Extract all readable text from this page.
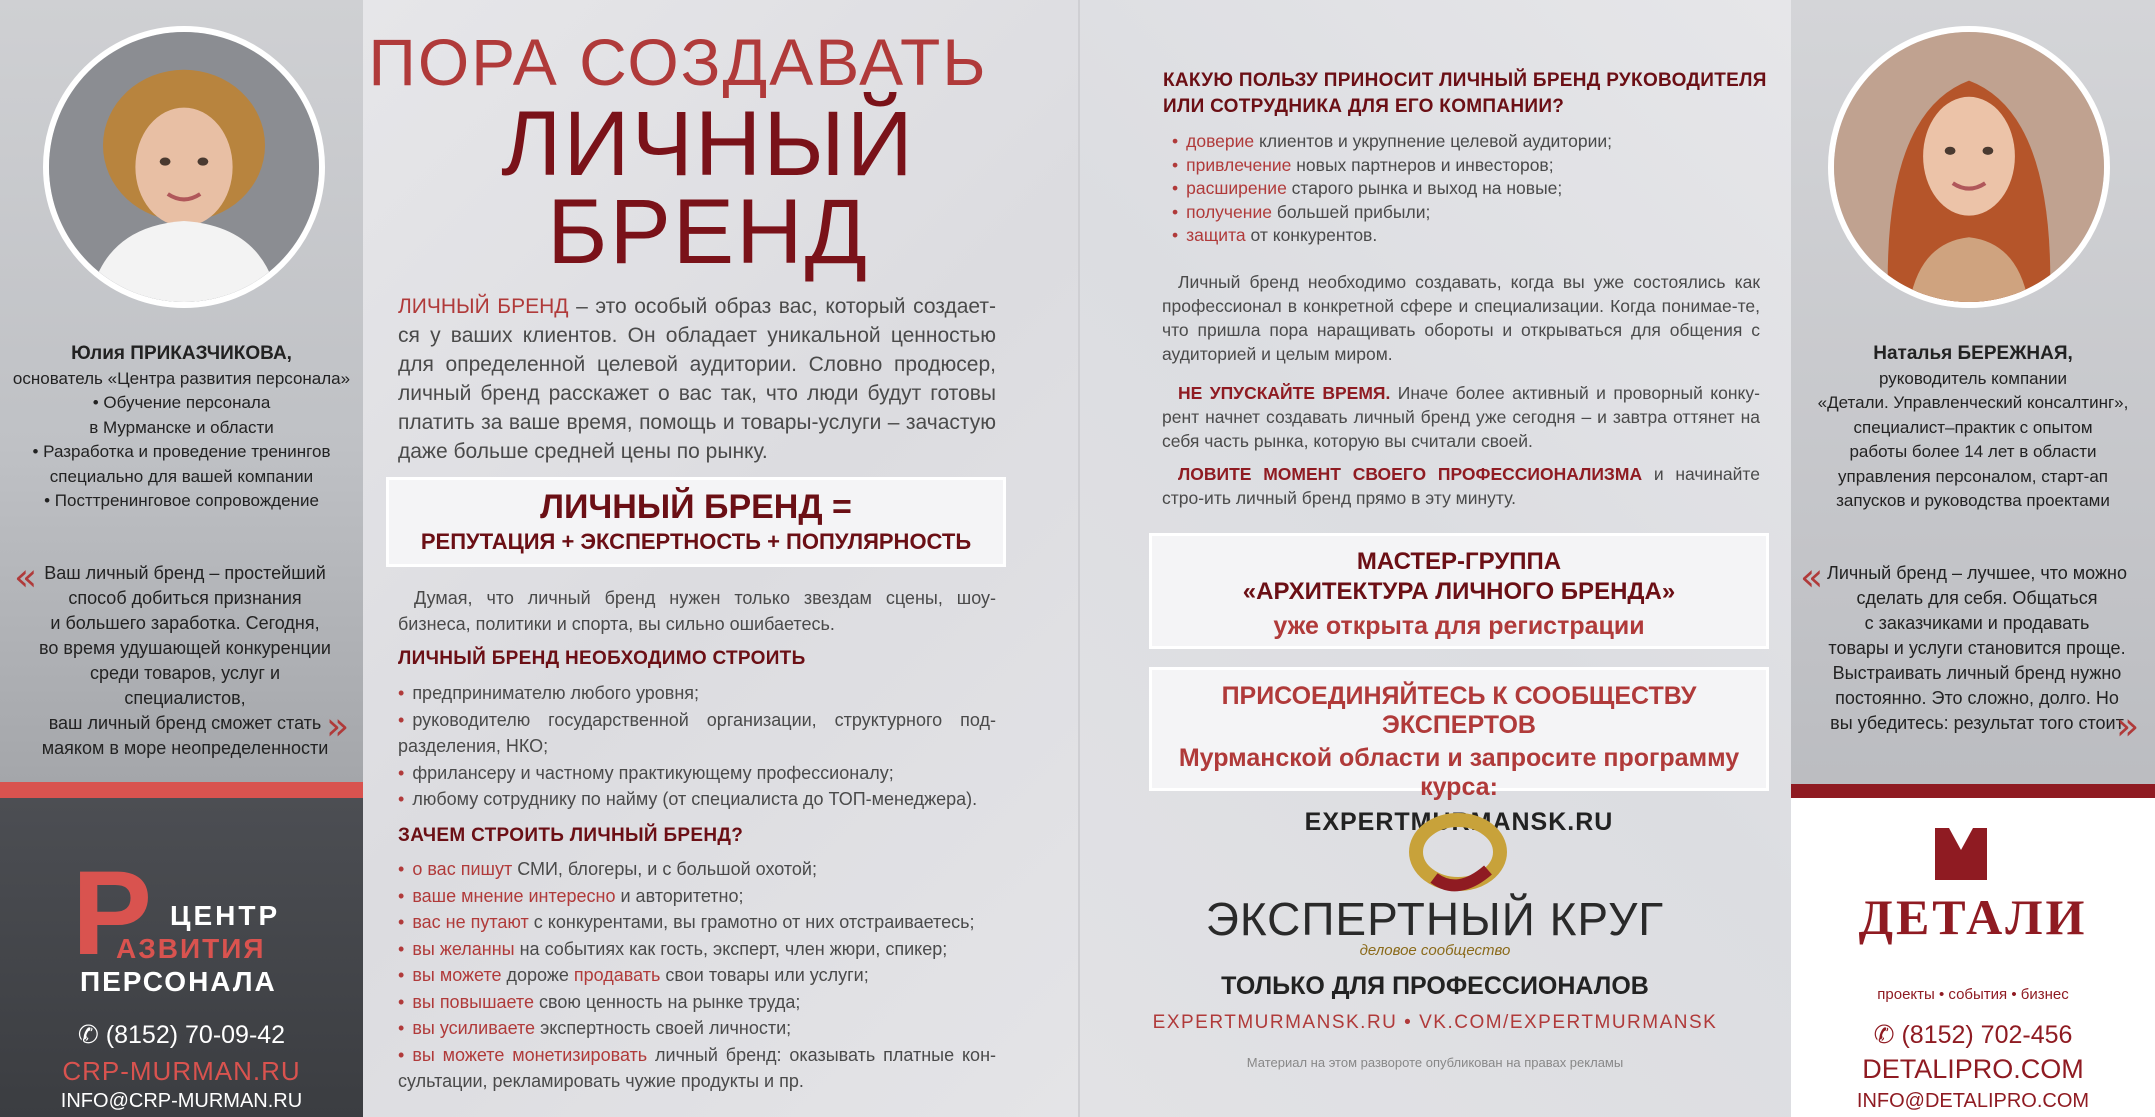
Юлия ПРИКАЗЧИКОВА,
основатель «Центра развития персонала»
• Обучение персонала
в Мурманске и области
• Разработка и проведение тренингов
специально для вашей компании
• Посттренинговое сопровождение
« Ваш личный бренд – простейший
способ добиться признания
и большего заработка. Сегодня,
во время удушающей конкуренции
среди товаров, услуг и специалистов,
ваш личный бренд сможет стать
маяком в море неопределенности
»
Р ЦЕНТР
АЗВИТИЯ
ПЕРСОНАЛА
✆ (8152) 70-09-42
CRP-MURMAN.RU
INFO@CRP-MURMAN.RU
ПОРА СОЗДАВАТЬ
ЛИЧНЫЙ
БРЕНД
ЛИЧНЫЙ БРЕНД – это особый образ вас, который создает-ся у ваших клиентов. Он обладает уникальной ценностью для определенной целевой аудитории. Словно продюсер, личный бренд расскажет о вас так, что люди будут готовы платить за ваше время, помощь и товары-услуги – зачастую даже больше средней цены по рынку.
ЛИЧНЫЙ БРЕНД =
РЕПУТАЦИЯ + ЭКСПЕРТНОСТЬ + ПОПУЛЯРНОСТЬ
Думая, что личный бренд нужен только звездам сцены, шоу-бизнеса, политики и спорта, вы сильно ошибаетесь.
ЛИЧНЫЙ БРЕНД НЕОБХОДИМО СТРОИТЬ
• предпринимателю любого уровня;
• руководителю государственной организации, структурного под-разделения, НКО;
• фрилансеру и частному практикующему профессионалу;
• любому сотруднику по найму (от специалиста до ТОП-менеджера).
ЗАЧЕМ СТРОИТЬ ЛИЧНЫЙ БРЕНД?
• о вас пишут СМИ, блогеры, и с большой охотой;
• ваше мнение интересно и авторитетно;
• вас не путают с конкурентами, вы грамотно от них отстраиваетесь;
• вы желанны на событиях как гость, эксперт, член жюри, спикер;
• вы можете дороже продавать свои товары или услуги;
• вы повышаете свою ценность на рынке труда;
• вы усиливаете экспертность своей личности;
• вы можете монетизировать личный бренд: оказывать платные кон-сультации, рекламировать чужие продукты и пр.
КАКУЮ ПОЛЬЗУ ПРИНОСИТ ЛИЧНЫЙ БРЕНД РУКОВОДИТЕЛЯ
ИЛИ СОТРУДНИКА ДЛЯ ЕГО КОМПАНИИ?
• доверие клиентов и укрупнение целевой аудитории;
• привлечение новых партнеров и инвесторов;
• расширение старого рынка и выход на новые;
• получение большей прибыли;
• защита от конкурентов.
Личный бренд необходимо создавать, когда вы уже состоялись как профессионал в конкретной сфере и специализации. Когда понимае-те, что пришла пора наращивать обороты и открываться для общения с аудиторией и целым миром.
НЕ УПУСКАЙТЕ ВРЕМЯ. Иначе более активный и проворный конку-рент начнет создавать личный бренд уже сегодня – и завтра оттянет на себя часть рынка, которую вы считали своей.
ЛОВИТЕ МОМЕНТ СВОЕГО ПРОФЕССИОНАЛИЗМА и начинайте стро-ить личный бренд прямо в эту минуту.
МАСТЕР-ГРУППА
«АРХИТЕКТУРА ЛИЧНОГО БРЕНДА»
уже открыта для регистрации
ПРИСОЕДИНЯЙТЕСЬ К СООБЩЕСТВУ ЭКСПЕРТОВ
Мурманской области и запросите программу курса:
EXPERTMURMANSK.RU
ЭКСПЕРТНЫЙ КРУГ
деловое сообщество
ТОЛЬКО ДЛЯ ПРОФЕССИОНАЛОВ
EXPERTMURMANSK.RU • VK.COM/EXPERTMURMANSK
Материал на этом развороте опубликован на правах рекламы
Наталья БЕРЕЖНАЯ,
руководитель компании
«Детали. Управленческий консалтинг»,
специалист–практик с опытом
работы более 14 лет в области
управления персоналом, старт-ап
запусков и руководства проектами
« Личный бренд – лучшее, что можно
сделать для себя. Общаться
с заказчиками и продавать
товары и услуги становится проще.
Выстраивать личный бренд нужно
постоянно. Это сложно, долго. Но
вы убедитесь: результат того стоит
»
ДЕТАЛИ
проекты • события • бизнес
✆ (8152) 702-456
DETALIPRO.COM
INFO@DETALIPRO.COM
